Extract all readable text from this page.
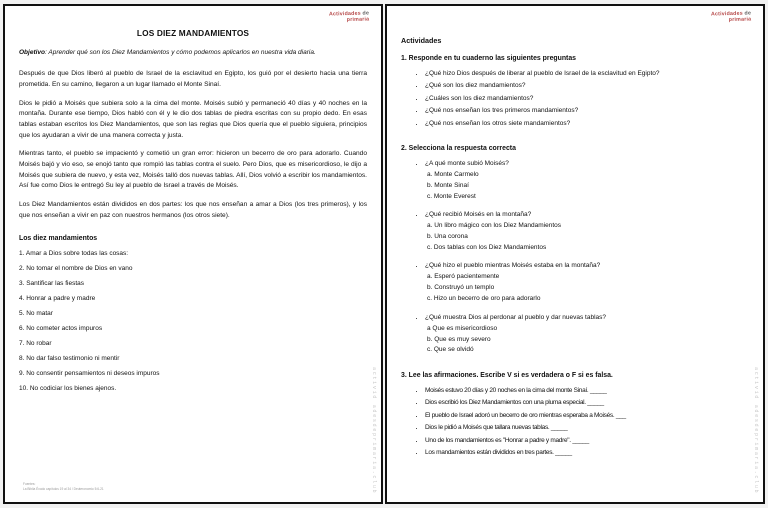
Actividades de
primaria
LOS DIEZ MANDAMIENTOS
Objetivo: Aprender qué son los Diez Mandamientos y cómo podemos aplicarlos en nuestra vida diaria.

Después de que Dios liberó al pueblo de Israel de la esclavitud en Egipto, los guió por el desierto hacia una tierra prometida. En su camino, llegaron a un lugar llamado el Monte Sinaí.

Dios le pidió a Moisés que subiera solo a la cima del monte. Moisés subió y permaneció 40 días y 40 noches en la montaña. Durante ese tiempo, Dios habló con él y le dio dos tablas de piedra escritas con su propio dedo. En esas tablas estaban escritos los Diez Mandamientos, que son las reglas que Dios quería que el pueblo siguiera, principios que los ayudaran a vivir de una manera correcta y justa.

Mientras tanto, el pueblo se impacientó y cometió un gran error: hicieron un becerro de oro para adorarlo. Cuando Moisés bajó y vio eso, se enojó tanto que rompió las tablas contra el suelo. Pero Dios, que es misericordioso, le dijo a Moisés que subiera de nuevo, y esta vez, Moisés talló dos nuevas tablas. Allí, Dios volvió a escribir los mandamientos. Así fue como Dios le entregó Su ley al pueblo de Israel a través de Moisés.

Los Diez Mandamientos están divididos en dos partes: los que nos enseñan a amar a Dios (los tres primeros), y los que nos enseñan a vivir en paz con nuestros hermanos (los otros siete).

Los diez mandamientos
1. Amar a Dios sobre todas las cosas:
2. No tomar el nombre de Dios en vano
3. Santificar las fiestas
4. Honrar a padre y madre
5. No matar
6. No cometer actos impuros
7. No robar
8. No dar falso testimonio ni mentir
9. No consentir pensamientos ni deseos impuros
10. No codiciar los bienes ajenos.
Fuentes:
La Biblia Éxodo capítulos 19 al 34 / Deuteronomio 5:6-21	activid adesdeprimaria.club
Actividades de
primaria
Actividades
1. Responde en tu cuaderno las siguientes preguntas
• ¿Qué hizo Dios después de liberar al pueblo de Israel de la esclavitud en Egipto?
• ¿Qué son los diez mandamientos?
• ¿Cuáles son los diez mandamientos?
• ¿Qué nos enseñan los tres primeros mandamientos?
• ¿Qué nos enseñan los otros siete mandamientos?
2. Selecciona la respuesta correcta
• ¿A qué monte subió Moisés?
a. Monte Carmelo
b. Monte Sinaí
c. Monte Everest
• ¿Qué recibió Moisés en la montaña?
a. Un libro mágico con los Diez Mandamientos
b. Una corona
c. Dos tablas con los Diez Mandamientos
• ¿Qué hizo el pueblo mientras Moisés estaba en la montaña?
a. Esperó pacientemente
b. Construyó un templo
c. Hizo un becerro de oro para adorarlo
• ¿Qué muestra Dios al perdonar al pueblo y dar nuevas tablas?
a Que es misericordioso
b. Que es muy severo
c. Que se olvidó
3. Lee las afirmaciones. Escribe V si es verdadera o F si es falsa.
• Moisés estuvo 20 días y 20 noches en la cima del monte Sinaí. _____
• Dios escribió los Diez Mandamientos con una pluma especial. _____
• El pueblo de Israel adoró un becerro de oro mientras esperaba a Moisés. ___
• Dios le pidió a Moisés que tallara nuevas tablas. _____
• Uno de los mandamientos es "Honrar a padre y madre". _____
• Los mandamientos están divididos en tres partes. _____	activid adesdeprimaria.club
